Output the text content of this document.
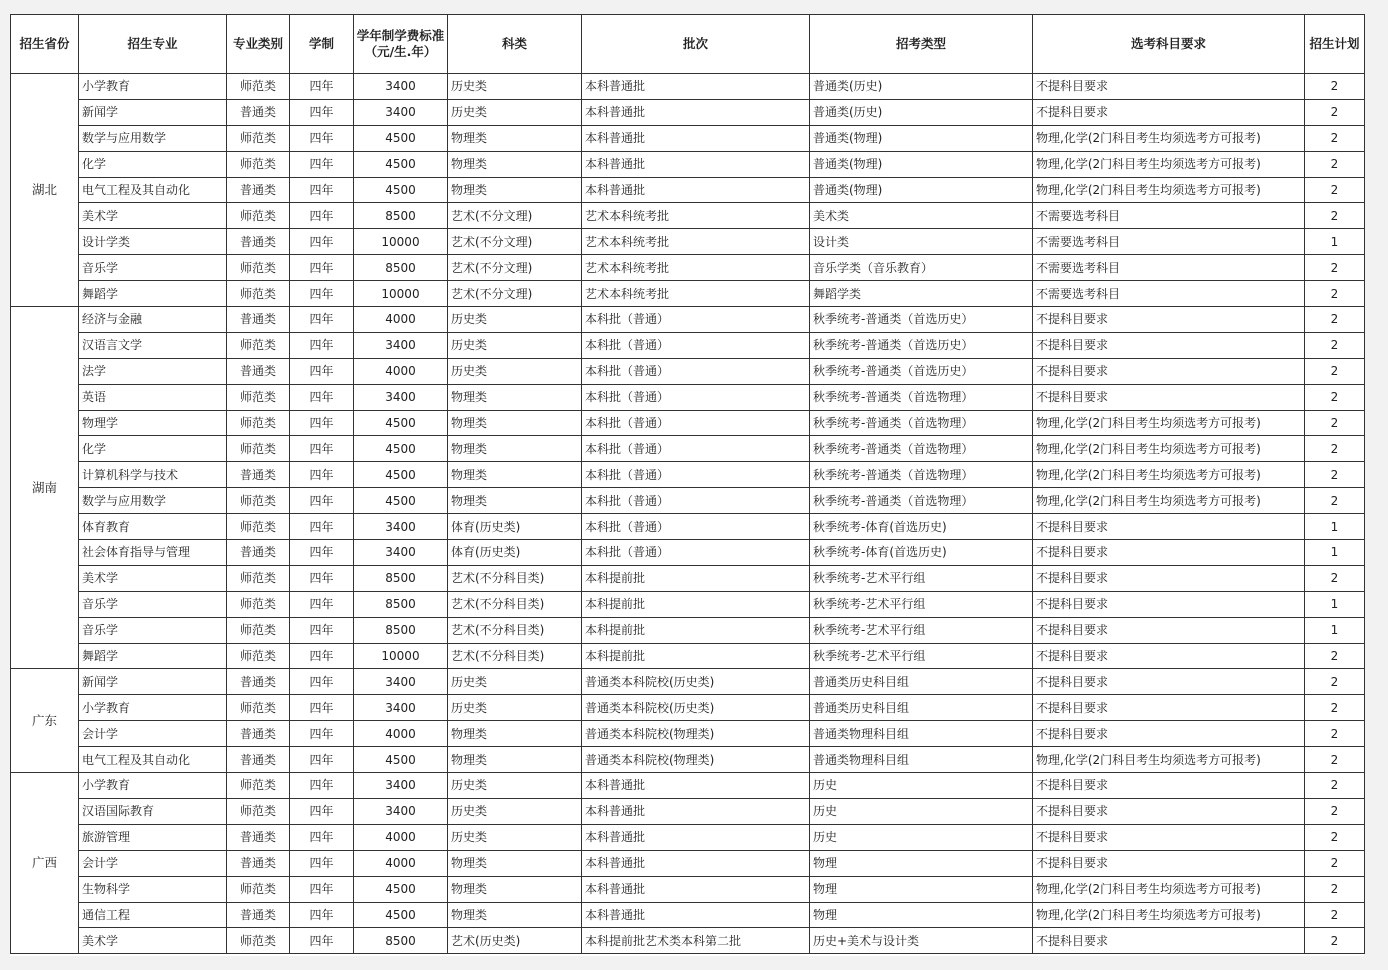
招生省份	招生专业	专业类别	学制	学年制学费标准（元/生.年）	科类	批次	招考类型	选考科目要求	招生计划
湖北	小学教育	师范类	四年	3400	历史类	本科普通批	普通类(历史)	不提科目要求	2
	新闻学	普通类	四年	3400	历史类	本科普通批	普通类(历史)	不提科目要求	2
	数学与应用数学	师范类	四年	4500	物理类	本科普通批	普通类(物理)	物理,化学(2门科目考生均须选考方可报考)	2
	化学	师范类	四年	4500	物理类	本科普通批	普通类(物理)	物理,化学(2门科目考生均须选考方可报考)	2
	电气工程及其自动化	普通类	四年	4500	物理类	本科普通批	普通类(物理)	物理,化学(2门科目考生均须选考方可报考)	2
	美术学	师范类	四年	8500	艺术(不分文理)	艺术本科统考批	美术类	不需要选考科目	2
	设计学类	普通类	四年	10000	艺术(不分文理)	艺术本科统考批	设计类	不需要选考科目	1
	音乐学	师范类	四年	8500	艺术(不分文理)	艺术本科统考批	音乐学类（音乐教育）	不需要选考科目	2
	舞蹈学	师范类	四年	10000	艺术(不分文理)	艺术本科统考批	舞蹈学类	不需要选考科目	2
湖南	经济与金融	普通类	四年	4000	历史类	本科批（普通）	秋季统考-普通类（首选历史）	不提科目要求	2
	汉语言文学	师范类	四年	3400	历史类	本科批（普通）	秋季统考-普通类（首选历史）	不提科目要求	2
	法学	普通类	四年	4000	历史类	本科批（普通）	秋季统考-普通类（首选历史）	不提科目要求	2
	英语	师范类	四年	3400	物理类	本科批（普通）	秋季统考-普通类（首选物理）	不提科目要求	2
	物理学	师范类	四年	4500	物理类	本科批（普通）	秋季统考-普通类（首选物理）	物理,化学(2门科目考生均须选考方可报考)	2
	化学	师范类	四年	4500	物理类	本科批（普通）	秋季统考-普通类（首选物理）	物理,化学(2门科目考生均须选考方可报考)	2
	计算机科学与技术	普通类	四年	4500	物理类	本科批（普通）	秋季统考-普通类（首选物理）	物理,化学(2门科目考生均须选考方可报考)	2
	数学与应用数学	师范类	四年	4500	物理类	本科批（普通）	秋季统考-普通类（首选物理）	物理,化学(2门科目考生均须选考方可报考)	2
	体育教育	师范类	四年	3400	体育(历史类)	本科批（普通）	秋季统考-体育(首选历史)	不提科目要求	1
	社会体育指导与管理	普通类	四年	3400	体育(历史类)	本科批（普通）	秋季统考-体育(首选历史)	不提科目要求	1
	美术学	师范类	四年	8500	艺术(不分科目类)	本科提前批	秋季统考-艺术平行组	不提科目要求	2
	音乐学	师范类	四年	8500	艺术(不分科目类)	本科提前批	秋季统考-艺术平行组	不提科目要求	1
	音乐学	师范类	四年	8500	艺术(不分科目类)	本科提前批	秋季统考-艺术平行组	不提科目要求	1
	舞蹈学	师范类	四年	10000	艺术(不分科目类)	本科提前批	秋季统考-艺术平行组	不提科目要求	2
广东	新闻学	普通类	四年	3400	历史类	普通类本科院校(历史类)	普通类历史科目组	不提科目要求	2
	小学教育	师范类	四年	3400	历史类	普通类本科院校(历史类)	普通类历史科目组	不提科目要求	2
	会计学	普通类	四年	4000	物理类	普通类本科院校(物理类)	普通类物理科目组	不提科目要求	2
	电气工程及其自动化	普通类	四年	4500	物理类	普通类本科院校(物理类)	普通类物理科目组	物理,化学(2门科目考生均须选考方可报考)	2
广西	小学教育	师范类	四年	3400	历史类	本科普通批	历史	不提科目要求	2
	汉语国际教育	师范类	四年	3400	历史类	本科普通批	历史	不提科目要求	2
	旅游管理	普通类	四年	4000	历史类	本科普通批	历史	不提科目要求	2
	会计学	普通类	四年	4000	物理类	本科普通批	物理	不提科目要求	2
	生物科学	师范类	四年	4500	物理类	本科普通批	物理	物理,化学(2门科目考生均须选考方可报考)	2
	通信工程	普通类	四年	4500	物理类	本科普通批	物理	物理,化学(2门科目考生均须选考方可报考)	2
	美术学	师范类	四年	8500	艺术(历史类)	本科提前批艺术类本科第二批	历史+美术与设计类	不提科目要求	2
